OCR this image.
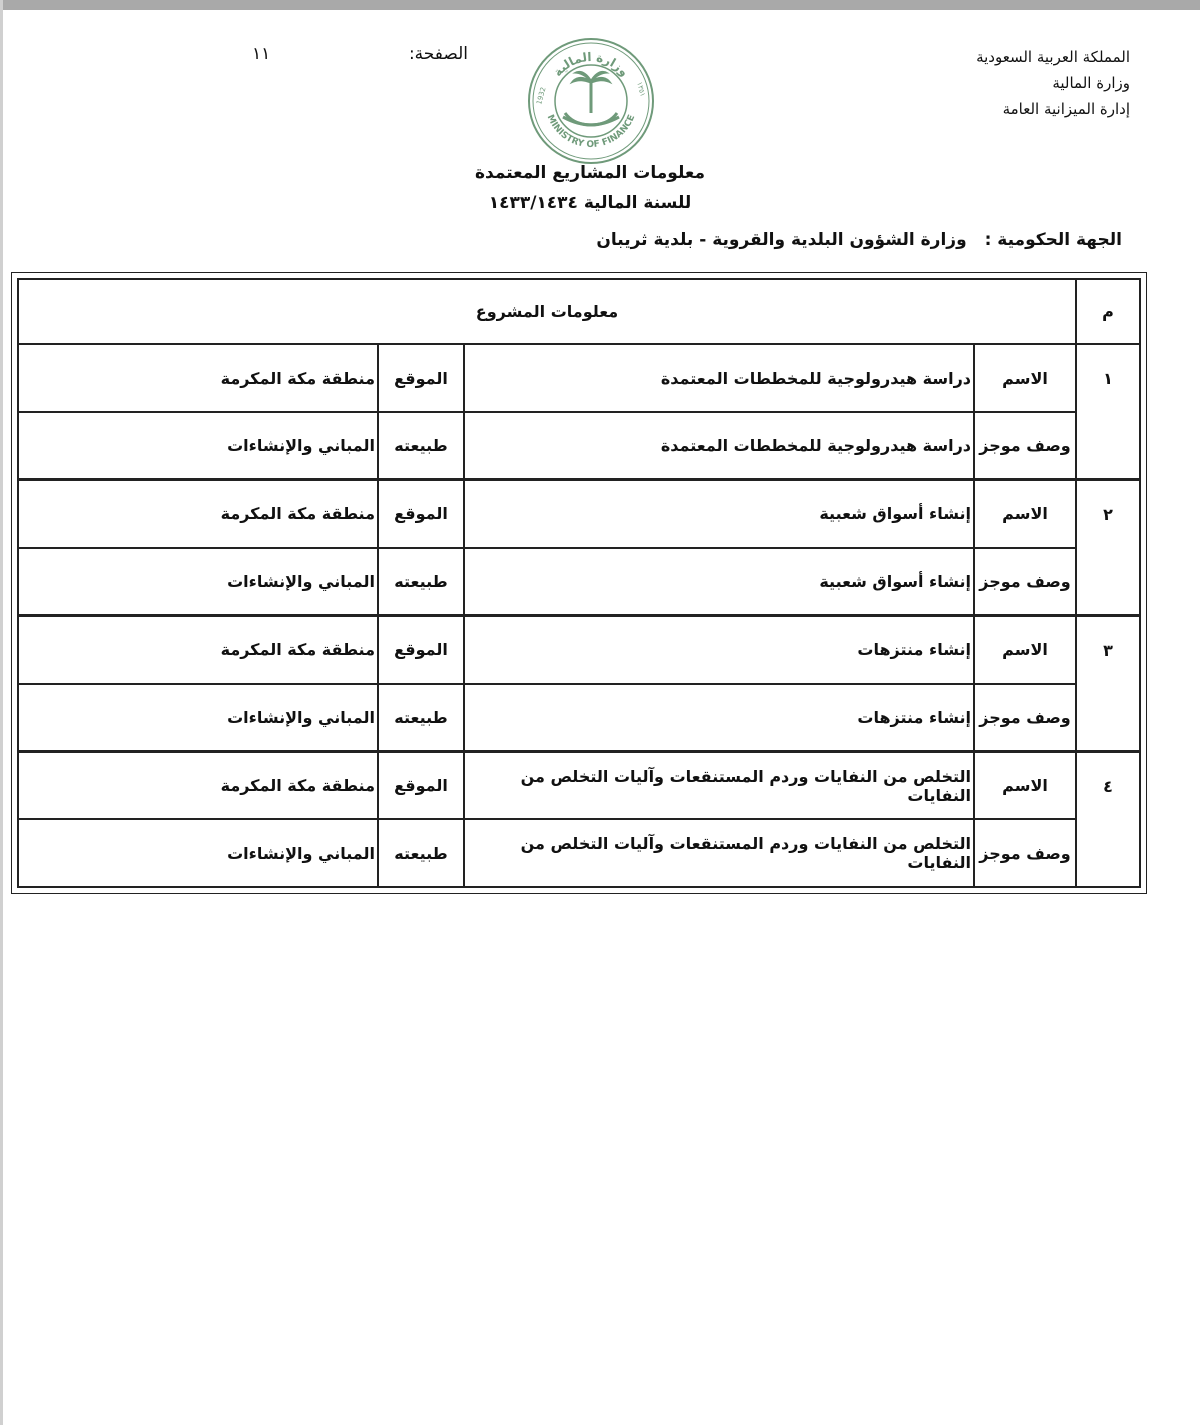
المملكة العربية السعودية
وزارة المالية
إدارة الميزانية العامة
الصفحة:
١١
وزارة المالية
MINISTRY OF FINANCE
1932	١٣٥١
معلومات المشاريع المعتمدة
للسنة المالية ١٤٣٣/١٤٣٤
الجهة الحكومية : وزارة الشؤون البلدية والقروية - بلدية ثريبان
م	معلومات المشروع			
١	الاسم	دراسة هيدرولوجية للمخططات المعتمدة	الموقع	منطقة مكة المكرمة
	وصف موجز	دراسة هيدرولوجية للمخططات المعتمدة	طبيعته	المباني والإنشاءات
٢	الاسم	إنشاء أسواق شعبية	الموقع	منطقة مكة المكرمة
	وصف موجز	إنشاء أسواق شعبية	طبيعته	المباني والإنشاءات
٣	الاسم	إنشاء منتزهات	الموقع	منطقة مكة المكرمة
	وصف موجز	إنشاء منتزهات	طبيعته	المباني والإنشاءات
٤	الاسم	التخلص من النفايات وردم المستنقعات وآليات التخلص من النفايات	الموقع	منطقة مكة المكرمة
	وصف موجز	التخلص من النفايات وردم المستنقعات وآليات التخلص من النفايات	طبيعته	المباني والإنشاءات
